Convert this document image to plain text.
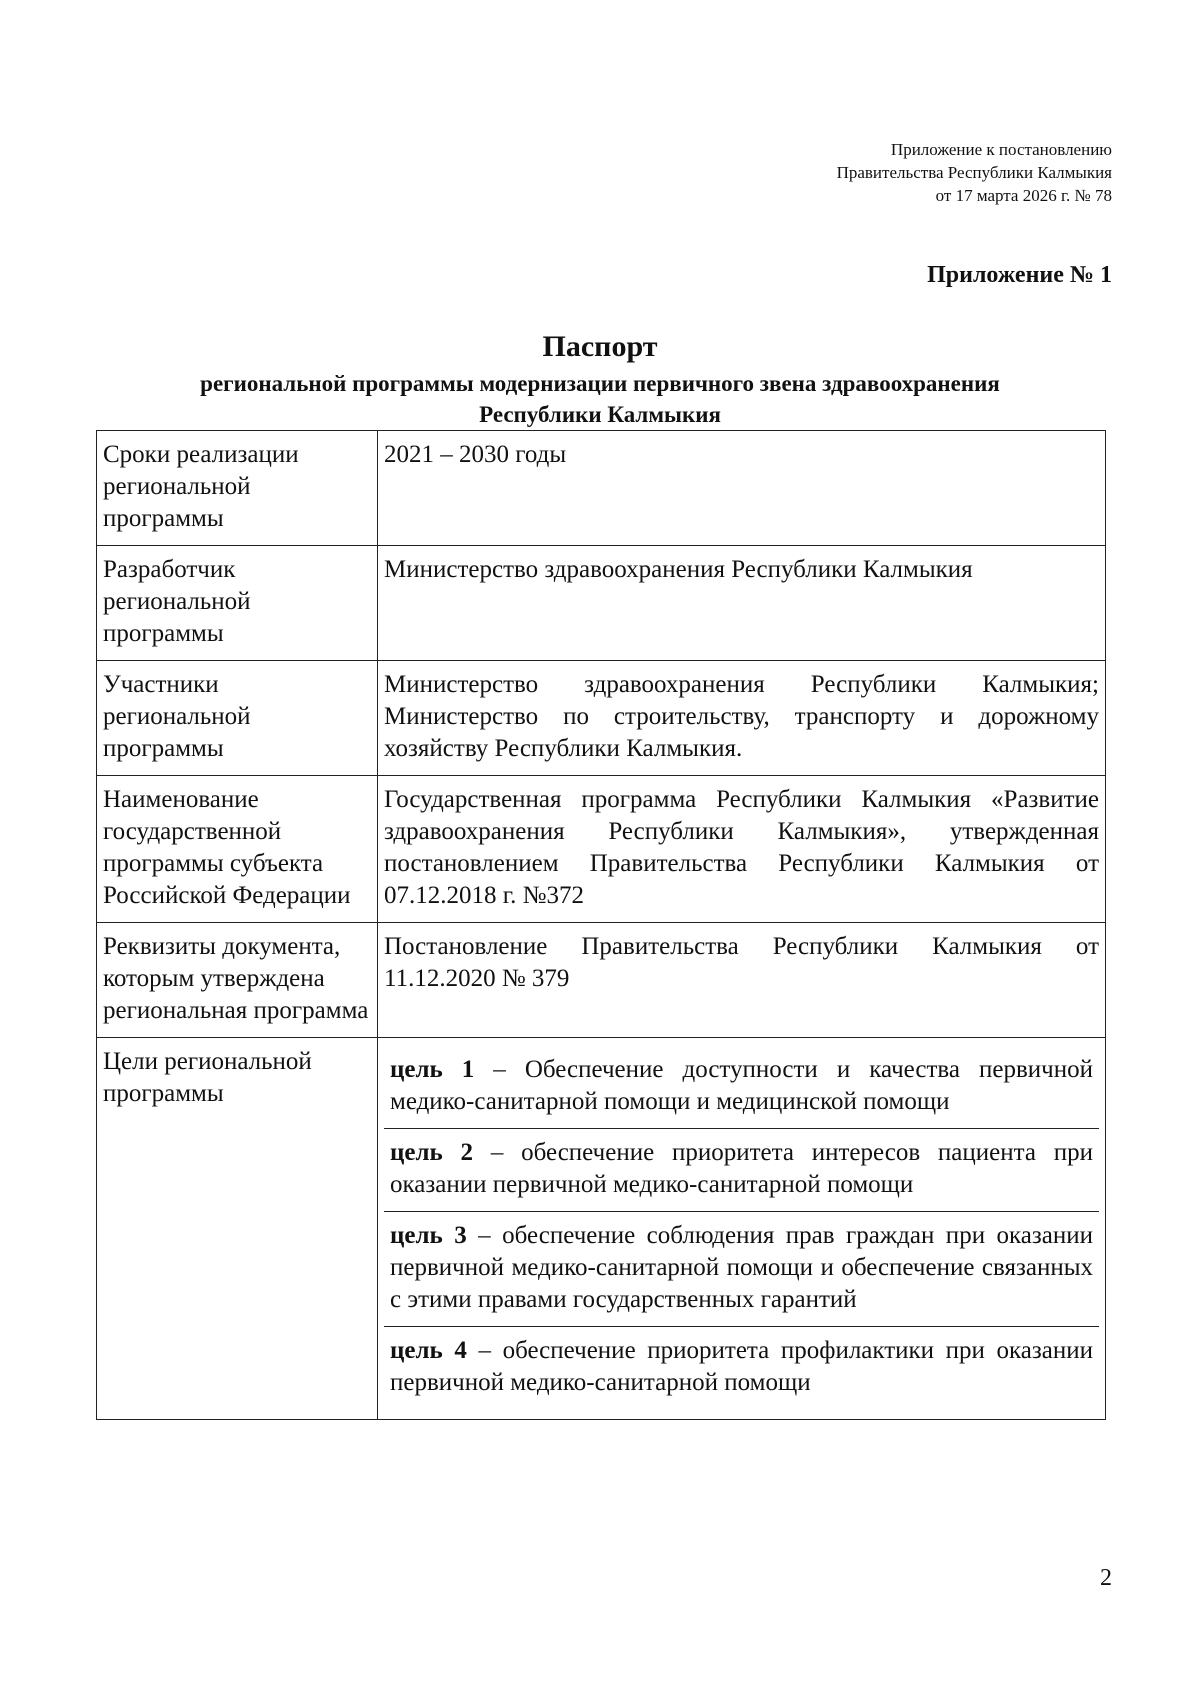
Приложение к постановлению
Правительства Республики Калмыкия
от 17 марта 2026 г. № 78
Приложение № 1
Паспорт
региональной программы модернизации первичного звена здравоохранения
Республики Калмыкия
Сроки реализации региональной программы	2021 – 2030 годы
Разработчик региональной программы	Министерство здравоохранения Республики Калмыкия
Участники региональной программы	Министерство здравоохранения Республики Калмыкия; Министерство по строительству, транспорту и дорожному хозяйству Республики Калмыкия.
Наименование государственной программы субъекта Российской Федерации	Государственная программа Республики Калмыкия «Развитие здравоохранения Республики Калмыкия», утвержденная постановлением Правительства Республики Калмыкия от 07.12.2018 г. №372
Реквизиты документа, которым утверждена региональная программа	Постановление Правительства Республики Калмыкия от 11.12.2020 № 379
Цели региональной программы	цель 1 – Обеспечение доступности и качества первичной медико-санитарной помощи и медицинской помощи
цель 2 – обеспечение приоритета интересов пациента при оказании первичной медико-санитарной помощи
цель 3 – обеспечение соблюдения прав граждан при оказании первичной медико-санитарной помощи и обеспечение связанных с этими правами государственных гарантий
цель 4 – обеспечение приоритета профилактики при оказании первичной медико-санитарной помощи
2
